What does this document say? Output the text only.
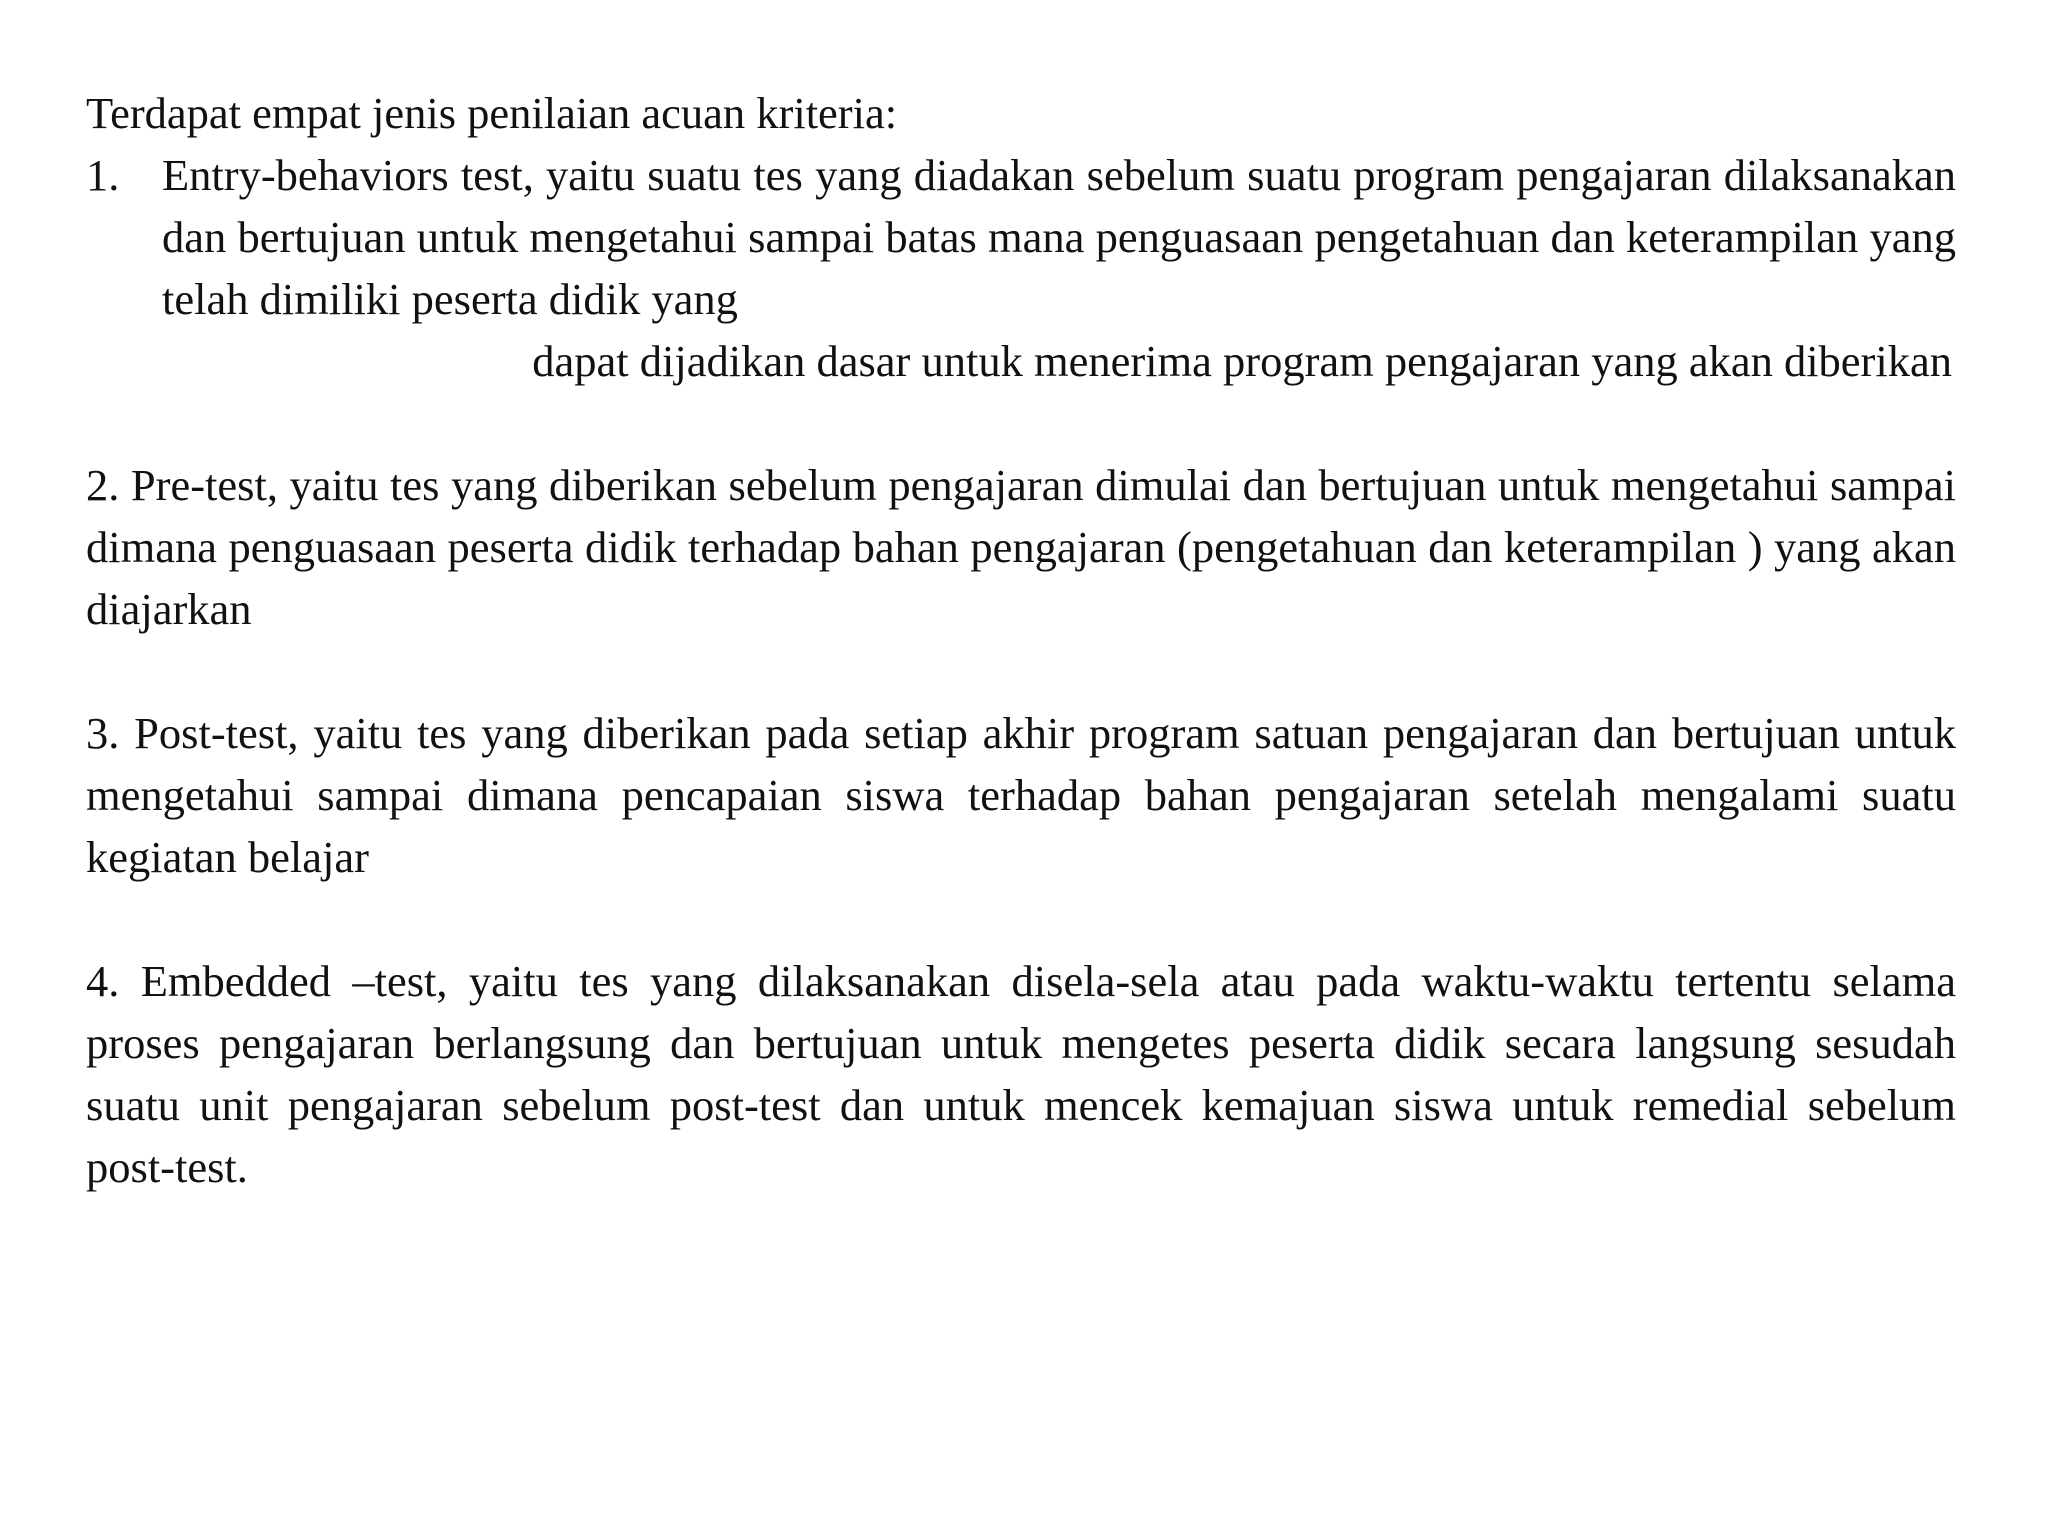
Terdapat empat jenis penilaian acuan kriteria:

1. Entry-behaviors test, yaitu suatu tes yang diadakan sebelum suatu program pengajaran dilaksanakan dan bertujuan untuk mengetahui sampai batas mana penguasaan pengetahuan dan keterampilan yang telah dimiliki peserta didik yang
dapat dijadikan dasar untuk menerima program pengajaran yang akan diberikan

2. Pre-test, yaitu tes yang diberikan sebelum pengajaran dimulai dan bertujuan untuk mengetahui sampai dimana penguasaan peserta didik terhadap bahan pengajaran (pengetahuan dan keterampilan ) yang akan diajarkan

3. Post-test, yaitu tes yang diberikan pada setiap akhir program satuan pengajaran dan bertujuan untuk mengetahui sampai dimana pencapaian siswa terhadap bahan pengajaran setelah mengalami suatu kegiatan belajar

4. Embedded –test, yaitu tes yang dilaksanakan disela-sela atau pada waktu-waktu tertentu selama proses pengajaran berlangsung dan bertujuan untuk mengetes peserta didik secara langsung sesudah suatu unit pengajaran sebelum post-test dan untuk mencek kemajuan siswa untuk remedial sebelum post-test.
